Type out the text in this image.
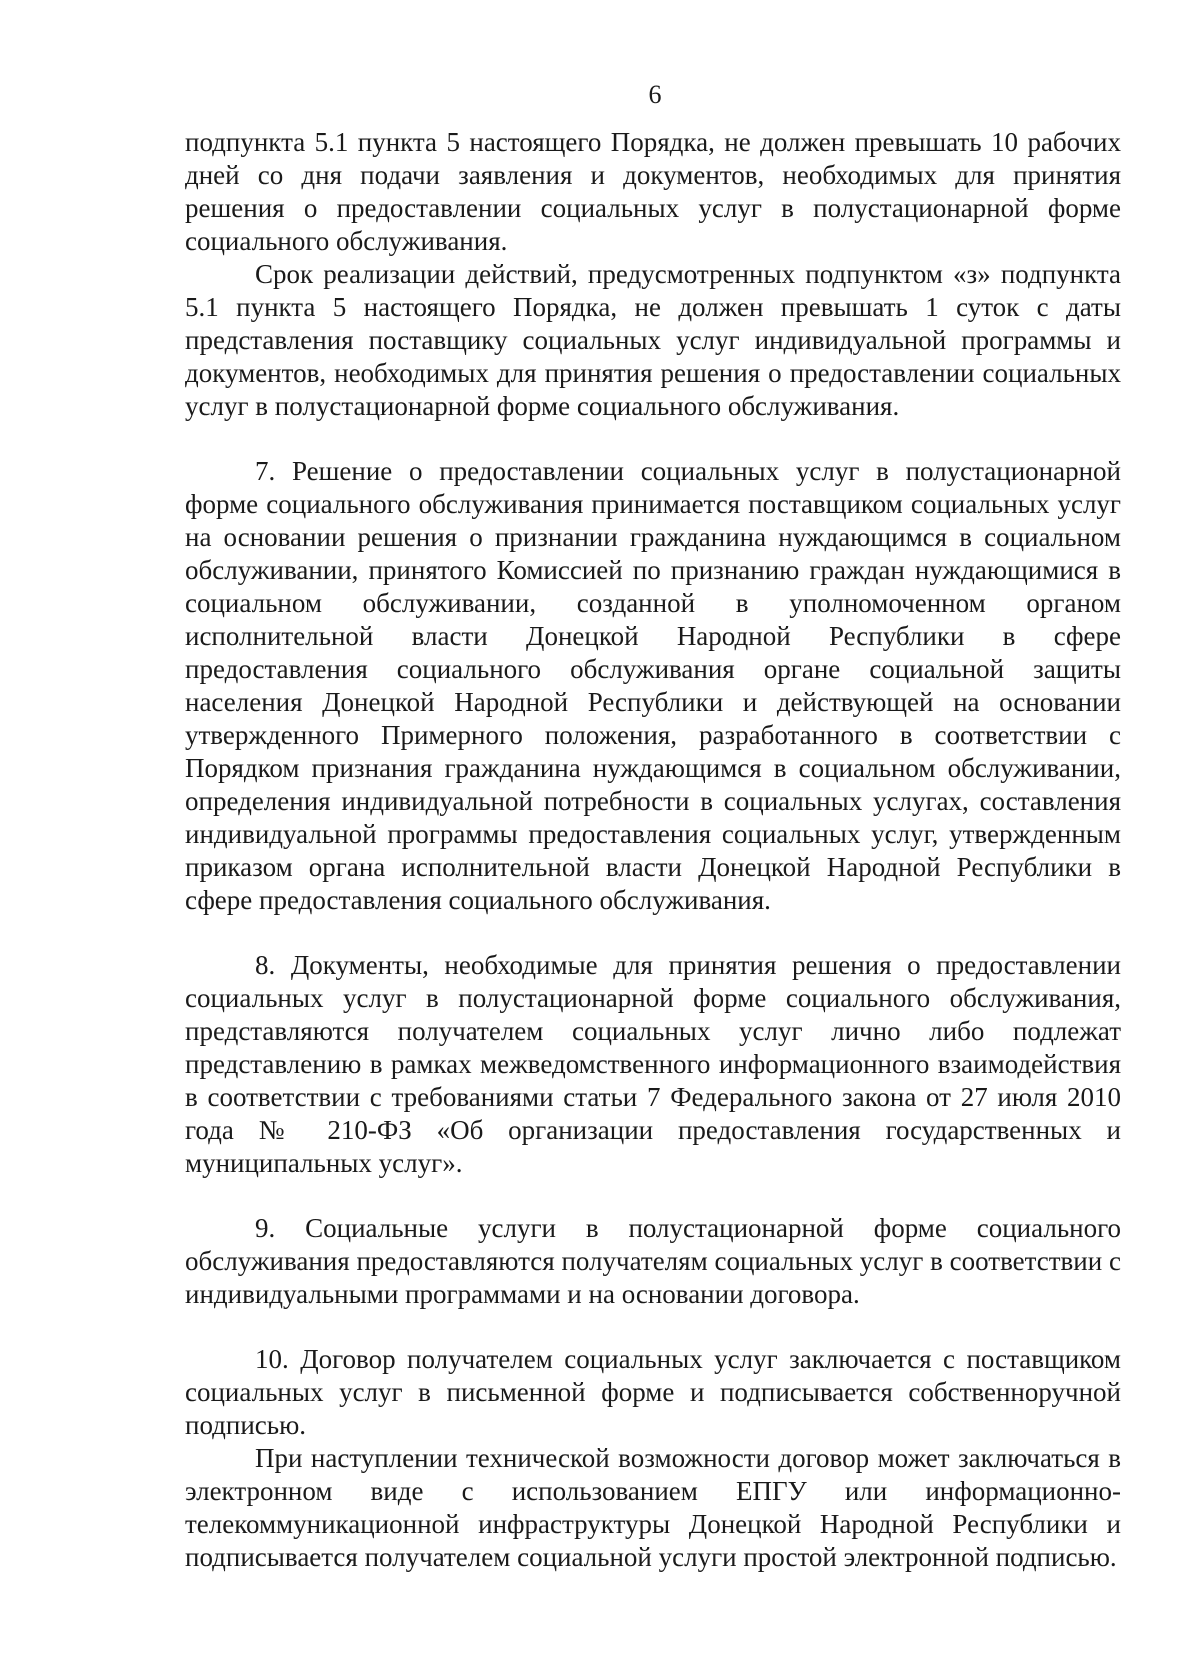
6

подпункта 5.1 пункта 5 настоящего Порядка, не должен превышать 10 рабочих дней со дня подачи заявления и документов, необходимых для принятия решения о предоставлении социальных услуг в полустационарной форме социального обслуживания.

Срок реализации действий, предусмотренных подпунктом «з» подпункта 5.1 пункта 5 настоящего Порядка, не должен превышать 1 суток с даты представления поставщику социальных услуг индивидуальной программы и документов, необходимых для принятия решения о предоставлении социальных услуг в полустационарной форме социального обслуживания.

7. Решение о предоставлении социальных услуг в полустационарной форме социального обслуживания принимается поставщиком социальных услуг на основании решения о признании гражданина нуждающимся в социальном обслуживании, принятого Комиссией по признанию граждан нуждающимися в социальном обслуживании, созданной в уполномоченном органом исполнительной власти Донецкой Народной Республики в сфере предоставления социального обслуживания органе социальной защиты населения Донецкой Народной Республики и действующей на основании утвержденного Примерного положения, разработанного в соответствии с Порядком признания гражданина нуждающимся в социальном обслуживании, определения индивидуальной потребности в социальных услугах, составления индивидуальной программы предоставления социальных услуг, утвержденным приказом органа исполнительной власти Донецкой Народной Республики в сфере предоставления социального обслуживания.

8. Документы, необходимые для принятия решения о предоставлении социальных услуг в полустационарной форме социального обслуживания, представляются получателем социальных услуг лично либо подлежат представлению в рамках межведомственного информационного взаимодействия в соответствии с требованиями статьи 7 Федерального закона от 27 июля 2010 года № 210-ФЗ «Об организации предоставления государственных и муниципальных услуг».

9. Социальные услуги в полустационарной форме социального обслуживания предоставляются получателям социальных услуг в соответствии с индивидуальными программами и на основании договора.

10. Договор получателем социальных услуг заключается с поставщиком социальных услуг в письменной форме и подписывается собственноручной подписью.

При наступлении технической возможности договор может заключаться в электронном виде с использованием ЕПГУ или информационно-телекоммуникационной инфраструктуры Донецкой Народной Республики и подписывается получателем социальной услуги простой электронной подписью.
